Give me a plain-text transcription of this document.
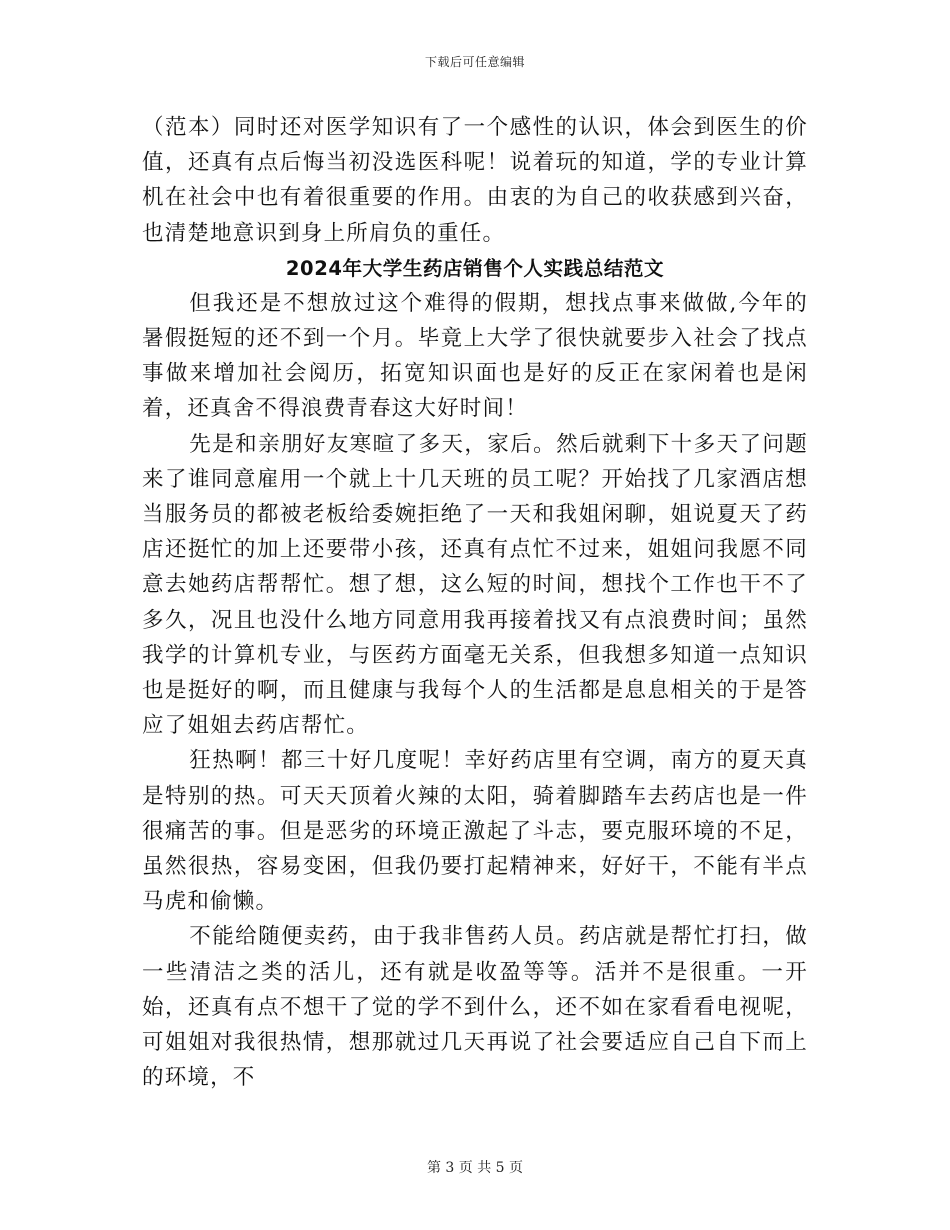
下载后可任意编辑

（范本）同时还对医学知识有了一个感性的认识，体会到医生的价值，还真有点后悔当初没选医科呢！说着玩的知道，学的专业计算机在社会中也有着很重要的作用。由衷的为自己的收获感到兴奋，也清楚地意识到身上所肩负的重任。

2024年大学生药店销售个人实践总结范文

但我还是不想放过这个难得的假期，想找点事来做做,今年的暑假挺短的还不到一个月。毕竟上大学了很快就要步入社会了找点事做来增加社会阅历，拓宽知识面也是好的反正在家闲着也是闲着，还真舍不得浪费青春这大好时间！

先是和亲朋好友寒暄了多天，家后。然后就剩下十多天了问题来了谁同意雇用一个就上十几天班的员工呢？开始找了几家酒店想当服务员的都被老板给委婉拒绝了一天和我姐闲聊，姐说夏天了药店还挺忙的加上还要带小孩，还真有点忙不过来，姐姐问我愿不同意去她药店帮帮忙。想了想，这么短的时间，想找个工作也干不了多久，况且也没什么地方同意用我再接着找又有点浪费时间；虽然我学的计算机专业，与医药方面毫无关系，但我想多知道一点知识也是挺好的啊，而且健康与我每个人的生活都是息息相关的于是答应了姐姐去药店帮忙。

狂热啊！都三十好几度呢！幸好药店里有空调，南方的夏天真是特别的热。可天天顶着火辣的太阳，骑着脚踏车去药店也是一件很痛苦的事。但是恶劣的环境正激起了斗志，要克服环境的不足，虽然很热，容易变困，但我仍要打起精神来，好好干，不能有半点马虎和偷懒。

不能给随便卖药，由于我非售药人员。药店就是帮忙打扫，做一些清洁之类的活儿，还有就是收盈等等。活并不是很重。一开始，还真有点不想干了觉的学不到什么，还不如在家看看电视呢，可姐姐对我很热情，想那就过几天再说了社会要适应自己自下而上的环境，不

第 3 页 共 5 页
